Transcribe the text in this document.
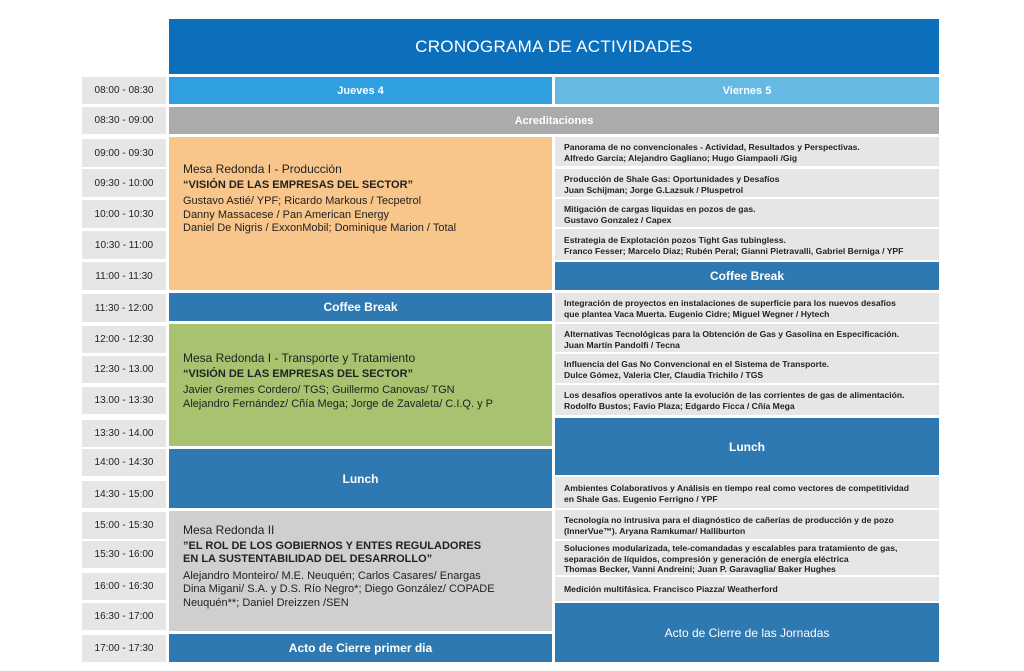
CRONOGRAMA DE ACTIVIDADES
Jueves 4	Viernes 5
08:00 - 08:30
08:30 - 09:00
09:00 - 09:30
09:30 - 10:00
10:00 - 10:30
10:30 - 11:00
11:00 - 11:30
11:30 - 12:00
12:00 - 12:30
12:30 - 13.00
13.00 - 13:30
13:30 - 14.00
14:00 - 14:30
14:30 - 15:00
15:00 - 15:30
15:30 - 16:00
16:00 - 16:30
16:30 - 17:00
17:00 - 17:30
Acreditaciones
Mesa Redonda I - Producción
“VISIÓN DE LAS EMPRESAS DEL SECTOR”
Gustavo Astié/ YPF; Ricardo Markous / Tecpetrol
Danny Massacese / Pan American Energy
Daniel De Nigris / ExxonMobil; Dominique Marion / Total
Coffee Break
Mesa Redonda I - Transporte y Tratamiento
“VISIÓN DE LAS EMPRESAS DEL SECTOR”
Javier Gremes Cordero/ TGS; Guillermo Canovas/ TGN
Alejandro Fernández/ Cñía Mega; Jorge de Zavaleta/ C.I.Q. y P
Lunch
Mesa Redonda II
”EL ROL DE LOS GOBIERNOS Y ENTES REGULADORES
EN LA SUSTENTABILIDAD DEL DESARROLLO”
Alejandro Monteiro/ M.E. Neuquén; Carlos Casares/ Enargas
Dina Migani/ S.A. y D.S. Río Negro*; Diego González/ COPADE
Neuquén**; Daniel Dreizzen /SEN
Acto de Cierre primer dia
Panorama de no convencionales - Actividad, Resultados y Perspectivas.
Alfredo García; Alejandro Gagliano; Hugo Giampaoli /Gig
Producción de Shale Gas: Oportunidades y Desafíos
Juan Schijman; Jorge G.Lazsuk / Pluspetrol
Mitigación de cargas líquidas en pozos de gas.
Gustavo Gonzalez / Capex
Estrategia de Explotación pozos Tight Gas tubingless.
Franco Fesser; Marcelo Diaz; Rubén Peral; Gianni Pietravalli, Gabriel Berniga / YPF
Coffee Break
Integración de proyectos en instalaciones de superficie para los nuevos desafíos
que plantea Vaca Muerta. Eugenio Cidre; Miguel Wegner / Hytech
Alternativas Tecnológicas para la Obtención de Gas y Gasolina en Especificación.
Juan Martín Pandolfi / Tecna
Influencia del Gas No Convencional en el Sistema de Transporte.
Dulce Gómez, Valeria Cler, Claudia Trichilo / TGS
Los desafíos operativos ante la evolución de las corrientes de gas de alimentación.
Rodolfo Bustos; Favio Plaza; Edgardo Ficca / Cñía Mega
Lunch
Ambientes Colaborativos y Análisis en tiempo real como vectores de competitividad
en Shale Gas. Eugenio Ferrigno / YPF
Tecnología no intrusiva para el diagnóstico de cañerías de producción y de pozo
(InnerVue™). Aryana Ramkumar/ Halliburton
Soluciones modularizada, tele-comandadas y escalables para tratamiento de gas,
separación de líquidos, compresión y generación de energía eléctrica
Thomas Becker, Vanni Andreini; Juan P. Garavaglia/ Baker Hughes
Medición multifásica. Francisco Piazza/ Weatherford
Acto de Cierre de las Jornadas
